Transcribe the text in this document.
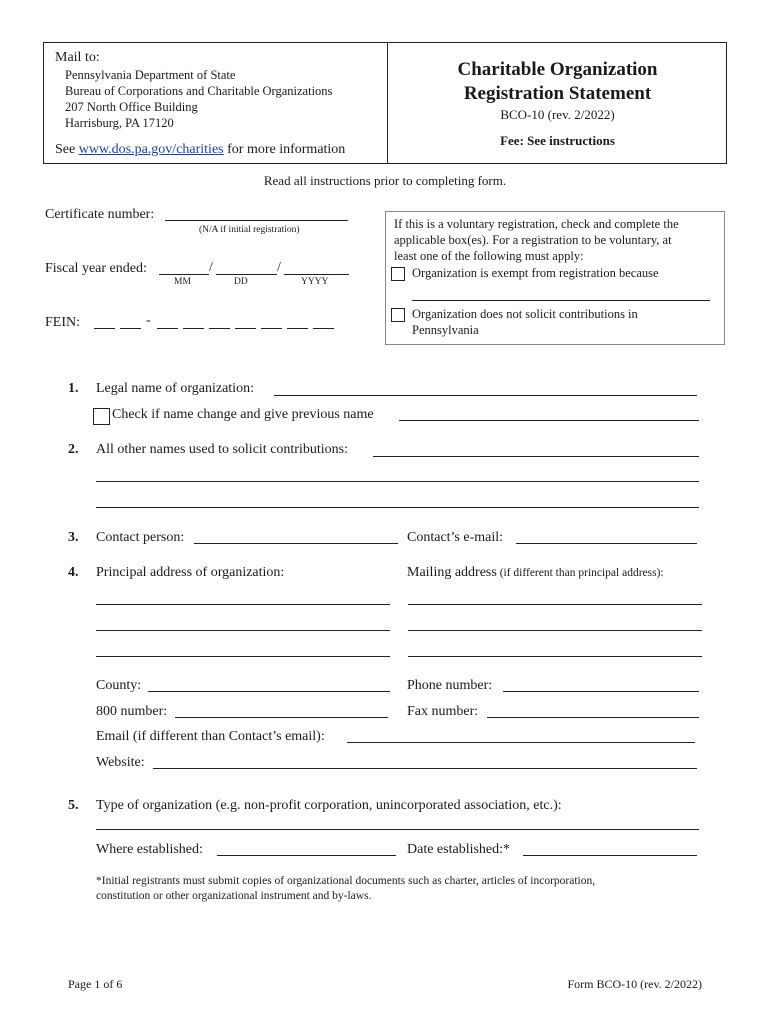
Mail to:
Pennsylvania Department of State
Bureau of Corporations and Charitable Organizations
207 North Office Building
Harrisburg, PA 17120
See www.dos.pa.gov/charities for more information
Charitable Organization
Registration Statement
BCO-10 (rev. 2/2022)
Fee: See instructions
Read all instructions prior to completing form.
Certificate number:
(N/A if initial registration)
Fiscal year ended:	/	/
MM	DD	YYYY
FEIN:	-
If this is a voluntary registration, check and complete the
applicable box(es). For a registration to be voluntary, at
least one of the following must apply:
Organization is exempt from registration because
Organization does not solicit contributions in
Pennsylvania
1. Legal name of organization:
Check if name change and give previous name
2. All other names used to solicit contributions:
3. Contact person:	Contact’s e-mail:
4. Principal address of organization:	Mailing address (if different than principal address):
County:	Phone number:
800 number:	Fax number:
Email (if different than Contact’s email):
Website:
5. Type of organization (e.g. non-profit corporation, unincorporated association, etc.):
Where established:	Date established:*
*Initial registrants must submit copies of organizational documents such as charter, articles of incorporation,
constitution or other organizational instrument and by-laws.
Page 1 of 6	Form BCO-10 (rev. 2/2022)
